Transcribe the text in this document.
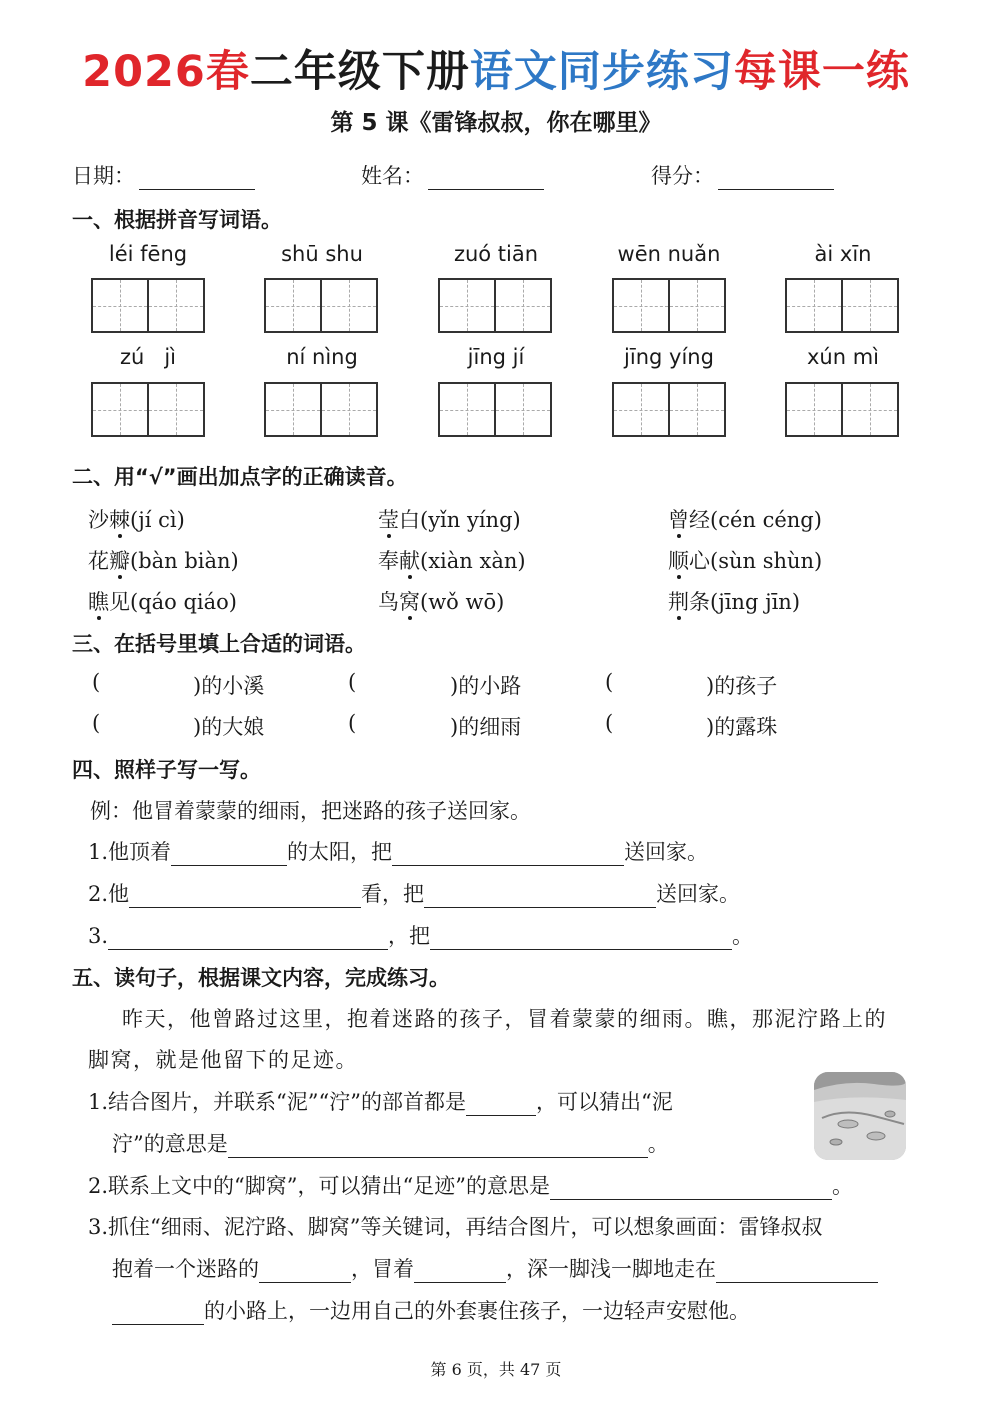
2026春二年级下册语文同步练习每课一练
第 5 课《雷锋叔叔，你在哪里》
日期：	姓名：	得分：
一、根据拼音写词语。
léi fēng	shū shu	zuó tiān	wēn nuǎn	ài xīn
zú   jì	ní nìng	jīng jí	jīng yíng	xún mì
二、用“√”画出加点字的正确读音。
沙棘(jí cì)	莹白(yǐn yíng)	曾经(cén céng)
花瓣(bàn biàn)	奉献(xiàn xàn)	顺心(sùn shùn)
瞧见(qáo qiáo)	鸟窝(wǒ wō)	荆条(jīng jīn)
三、在括号里填上合适的词语。
(	)的小溪	(	)的小路	(	)的孩子
(	)的大娘	(	)的细雨	(	)的露珠
四、照样子写一写。
例：他冒着蒙蒙的细雨，把迷路的孩子送回家。
1.他顶着	的太阳，把	送回家。
2.他	看，把	送回家。
3.	，把	。
五、读句子，根据课文内容，完成练习。
昨天，他曾路过这里，抱着迷路的孩子，冒着蒙蒙的细雨。瞧，那泥泞路上的
脚窝，就是他留下的足迹。
1.结合图片，并联系“泥”“泞”的部首都是	，可以猜出“泥
泞”的意思是	。
2.联系上文中的“脚窝”，可以猜出“足迹”的意思是	。
3.抓住“细雨、泥泞路、脚窝”等关键词，再结合图片，可以想象画面：雷锋叔叔
抱着一个迷路的	，冒着	，深一脚浅一脚地走在
的小路上，一边用自己的外套裹住孩子，一边轻声安慰他。
第 6 页，共 47 页
